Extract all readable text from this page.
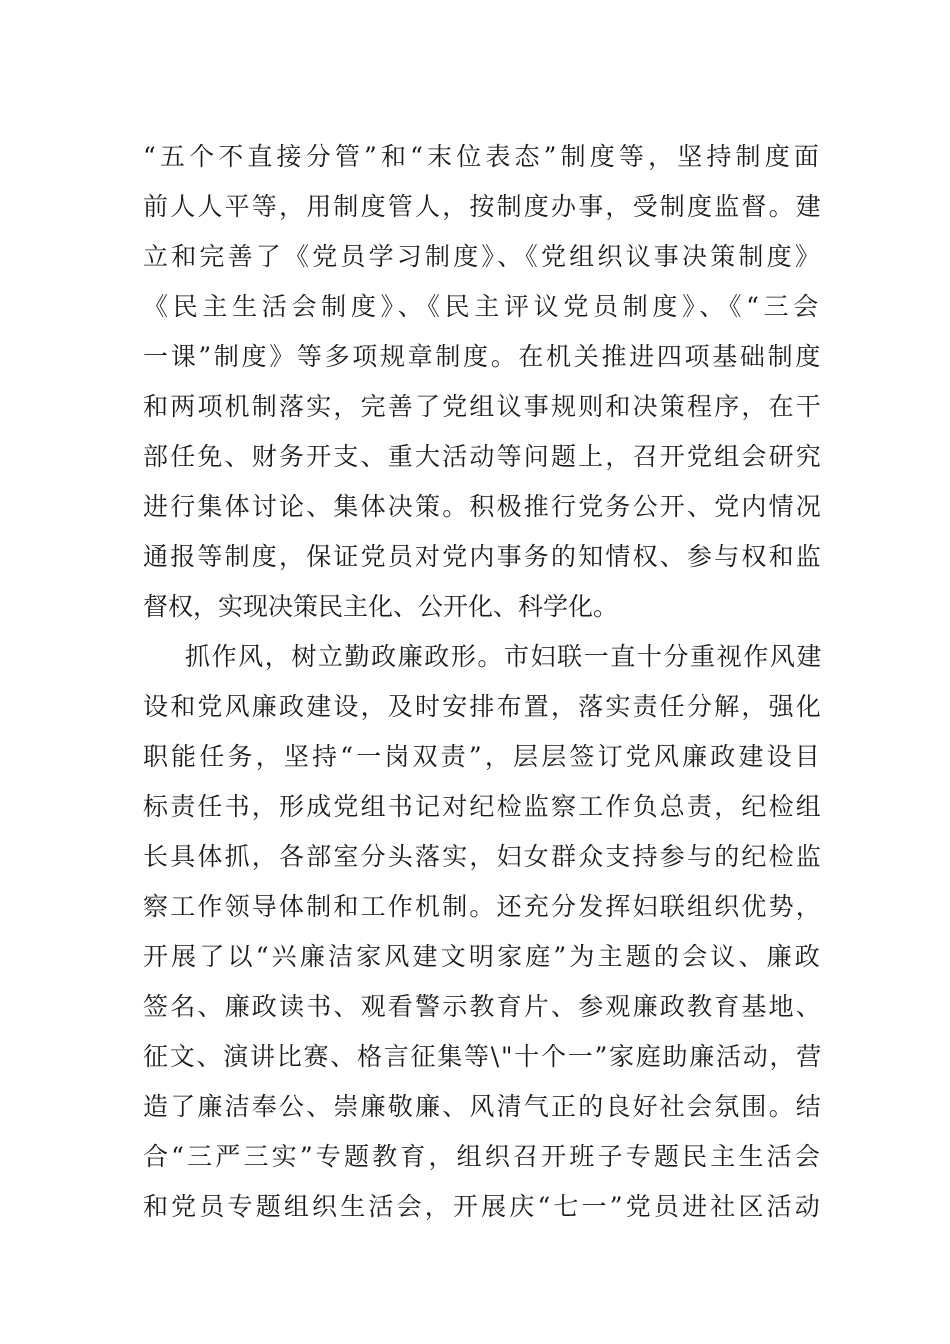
“五个不直接分管”和“末位表态”制度等，坚持制度面
前人人平等，用制度管人，按制度办事，受制度监督。建
立和完善了《党员学习制度》、《党组织议事决策制度》
《民主生活会制度》、《民主评议党员制度》、《“三会
一课”制度》等多项规章制度。在机关推进四项基础制度
和两项机制落实，完善了党组议事规则和决策程序，在干
部任免、财务开支、重大活动等问题上，召开党组会研究
进行集体讨论、集体决策。积极推行党务公开、党内情况
通报等制度，保证党员对党内事务的知情权、参与权和监
督权，实现决策民主化、公开化、科学化。
抓作风，树立勤政廉政形。市妇联一直十分重视作风建
设和党风廉政建设，及时安排布置，落实责任分解，强化
职能任务，坚持“一岗双责”，层层签订党风廉政建设目
标责任书，形成党组书记对纪检监察工作负总责，纪检组
长具体抓，各部室分头落实，妇女群众支持参与的纪检监
察工作领导体制和工作机制。还充分发挥妇联组织优势，
开展了以“兴廉洁家风建文明家庭”为主题的会议、廉政
签名、廉政读书、观看警示教育片、参观廉政教育基地、
征文、演讲比赛、格言征集等\"十个一”家庭助廉活动，营
造了廉洁奉公、崇廉敬廉、风清气正的良好社会氛围。结
合“三严三实”专题教育，组织召开班子专题民主生活会
和党员专题组织生活会，开展庆“七一”党员进社区活动
